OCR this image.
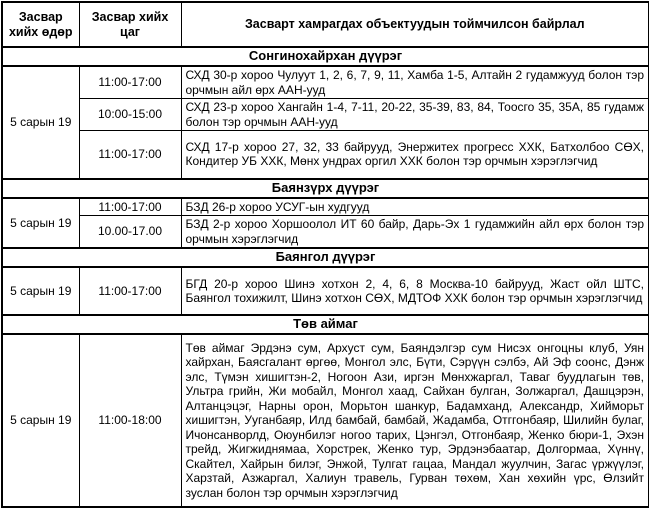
Засвар хийх өдөр	Засвар хийх цаг	Засварт хамрагдах объектуудын тоймчилсон байрлал
Сонгинохайрхан дүүрэг		
5 сарын 19	11:00-17:00	СХД 30-р хороо Чулуут 1, 2, 6, 7, 9, 11, Хамба 1-5, Алтайн 2 гудамжууд болон тэр орчмын айл өрх ААН-ууд
	10:00-15:00	СХД 23-р хороо Хангайн 1-4, 7-11, 20-22, 35-39, 83, 84, Тоосго 35, 35А, 85 гудамж болон тэр орчмын ААН-ууд
	11:00-17:00	СХД 17-р хороо 27, 32, 33 байрууд, Энержитех прогресс ХХК, Батхолбоо СӨХ, Кондитер УБ ХХК, Мөнх ундрах оргил ХХК болон тэр орчмын хэрэглэгчид
Баянзүрх дүүрэг		
5 сарын 19	11:00-17:00	БЗД 26-р хороо УСУГ-ын худгууд
	10.00-17.00	БЗД 2-р хороо Хоршоолол ИТ 60 байр, Дарь-Эх 1 гудамжийн айл өрх болон тэр орчмын хэрэглэгчид
Баянгол дүүрэг		
5 сарын 19	11:00-17:00	БГД 20-р хороо Шинэ хотхон 2, 4, 6, 8 Москва-10 байрууд, Жаст ойл ШТС, Баянгол тохижилт, Шинэ хотхон СӨХ, МДТОФ ХХК болон тэр орчмын хэрэглэгчид
Төв аймаг		
5 сарын 19	11:00-18:00	Төв аймаг Эрдэнэ сум, Архуст сум, Баяндэлгэр сум Нисэх онгоцны клуб, Уян хайрхан, Баясгалант өргөө, Монгол элс, Бүти, Сэрүүн сэлбэ, Ай Эф соонс, Дэнж элс, Түмэн хишигтэн-2, Ногоон Ази, иргэн Мөнхжаргал, Таваг буудлагын төв, Ультра грийн, Жи мобайл, Монгол хаад, Сайхан булган, Золжаргал, Дашцэрэн, Алтанцэцэг, Нарны орон, Морьтон шанкур, Бадамханд, Александр, Хийморьт хишигтэн, Ууганбаяр, Илд бамбай, бамбай, Жадамба, Отггонбаяр, Шилийн булаг, Ичонсанворлд, Оюунбилэг ногоо тарих, Цэнгэл, Отгонбаяр, Женко бюри-1, Эхэн трейд, Жигжиднямаа, Хорстрек, Женко тур, Эрдэнэбаатар, Долгормаа, Хүннү, Скайтел, Хайрын билэг, Энжой, Тулгат гацаа, Мандал жуулчин, Загас үржүүлэг, Харзтай, Азжаргал, Халиун травель, Гурван төхөм, Хан хөхийн үрс, Өлзийт зуслан болон тэр орчмын хэрэглэгчид
